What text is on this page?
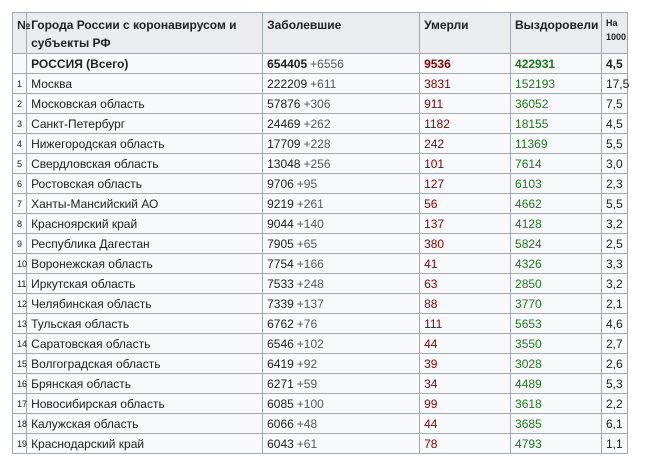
№	Города России с коронавирусом и субъекты РФ	Заболевшие	Умерли	Выздоровели	На 1000
	РОССИЯ (Всего)	654405 +6556	9536	422931	4,5
1	Москва	222209 +611	3831	152193	17,5
2	Московская область	57876 +306	911	36052	7,5
3	Санкт-Петербург	24469 +262	1182	18155	4,5
4	Нижегородская область	17709 +228	242	11369	5,5
5	Свердловская область	13048 +256	101	7614	3,0
6	Ростовская область	9706 +95	127	6103	2,3
7	Ханты-Мансийский АО	9219 +261	56	4662	5,5
8	Красноярский край	9044 +140	137	4128	3,2
9	Республика Дагестан	7905 +65	380	5824	2,5
10	Воронежская область	7754 +166	41	4326	3,3
11	Иркутская область	7533 +248	63	2850	3,2
12	Челябинская область	7339 +137	88	3770	2,1
13	Тульская область	6762 +76	111	5653	4,6
14	Саратовская область	6546 +102	44	3550	2,7
15	Волгоградская область	6419 +92	39	3028	2,6
16	Брянская область	6271 +59	34	4489	5,3
17	Новосибирская область	6085 +100	99	3618	2,2
18	Калужская область	6066 +48	44	3685	6,1
19	Краснодарский край	6043 +61	78	4793	1,1
